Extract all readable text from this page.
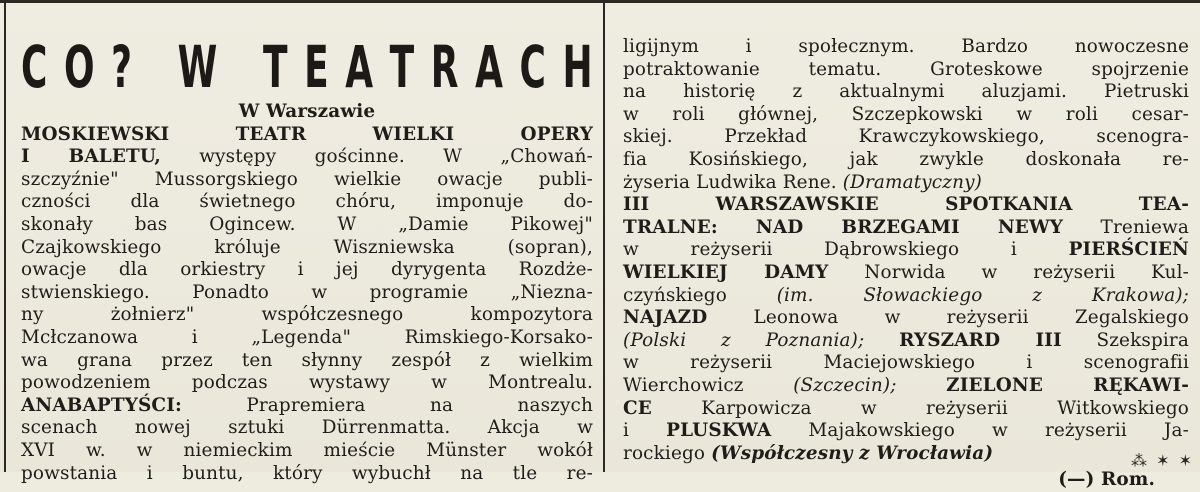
C O ?
W
T E A T R A C H
W Warszawie
MOSKIEWSKI TEATR WIELKI OPERY
I BALETU, występy gościnne. W „Chowań-
szczyźnie" Mussorgskiego wielkie owacje publi-
czności dla świetnego chóru, imponuje do-
skonały bas Ogincew. W „Damie Pikowej"
Czajkowskiego króluje Wiszniewska (sopran),
owacje dla orkiestry i jej dyrygenta Rozdże-
stwienskiego. Ponadto w programie „Niezna-
ny żołnierz" współczesnego kompozytora
Mcłczanowa i „Legenda" Rimskiego-Korsako-
wa grana przez ten słynny zespół z wielkim
powodzeniem podczas wystawy w Montrealu.
ANABAPTYŚCI: Prapremiera na naszych
scenach nowej sztuki Dürrenmatta. Akcja w
XVI w. w niemieckim mieście Münster wokół
powstania i buntu, który wybuchł na tle re-
ligijnym i społecznym. Bardzo nowoczesne
potraktowanie tematu. Groteskowe spojrzenie
na historię z aktualnymi aluzjami. Pietruski
w roli głównej, Szczepkowski w roli cesar-
skiej. Przekład Krawczykowskiego, scenogra-
fia Kosińskiego, jak zwykle doskonała re-
żyseria Ludwika Rene. (Dramatyczny)
III WARSZAWSKIE SPOTKANIA TEA-
TRALNE: NAD BRZEGAMI NEWY Treniewa
w reżyserii Dąbrowskiego i PIERŚCIEŃ
WIELKIEJ DAMY Norwida w reżyserii Kul-
czyńskiego (im. Słowackiego z Krakowa);
NAJAZD Leonowa w reżyserii Zegalskiego
(Polski z Poznania); RYSZARD III Szekspira
w reżyserii Maciejowskiego i scenografii
Wierchowicz (Szczecin);	ZIELONE RĘKAWI-
CE Karpowicza w reżyserii Witkowskiego
i PLUSKWA Majakowskiego w reżyserii Ja-
rockiego (Współczesny z Wrocławia)
(—) Rom.
⁂ ✶ ✶
